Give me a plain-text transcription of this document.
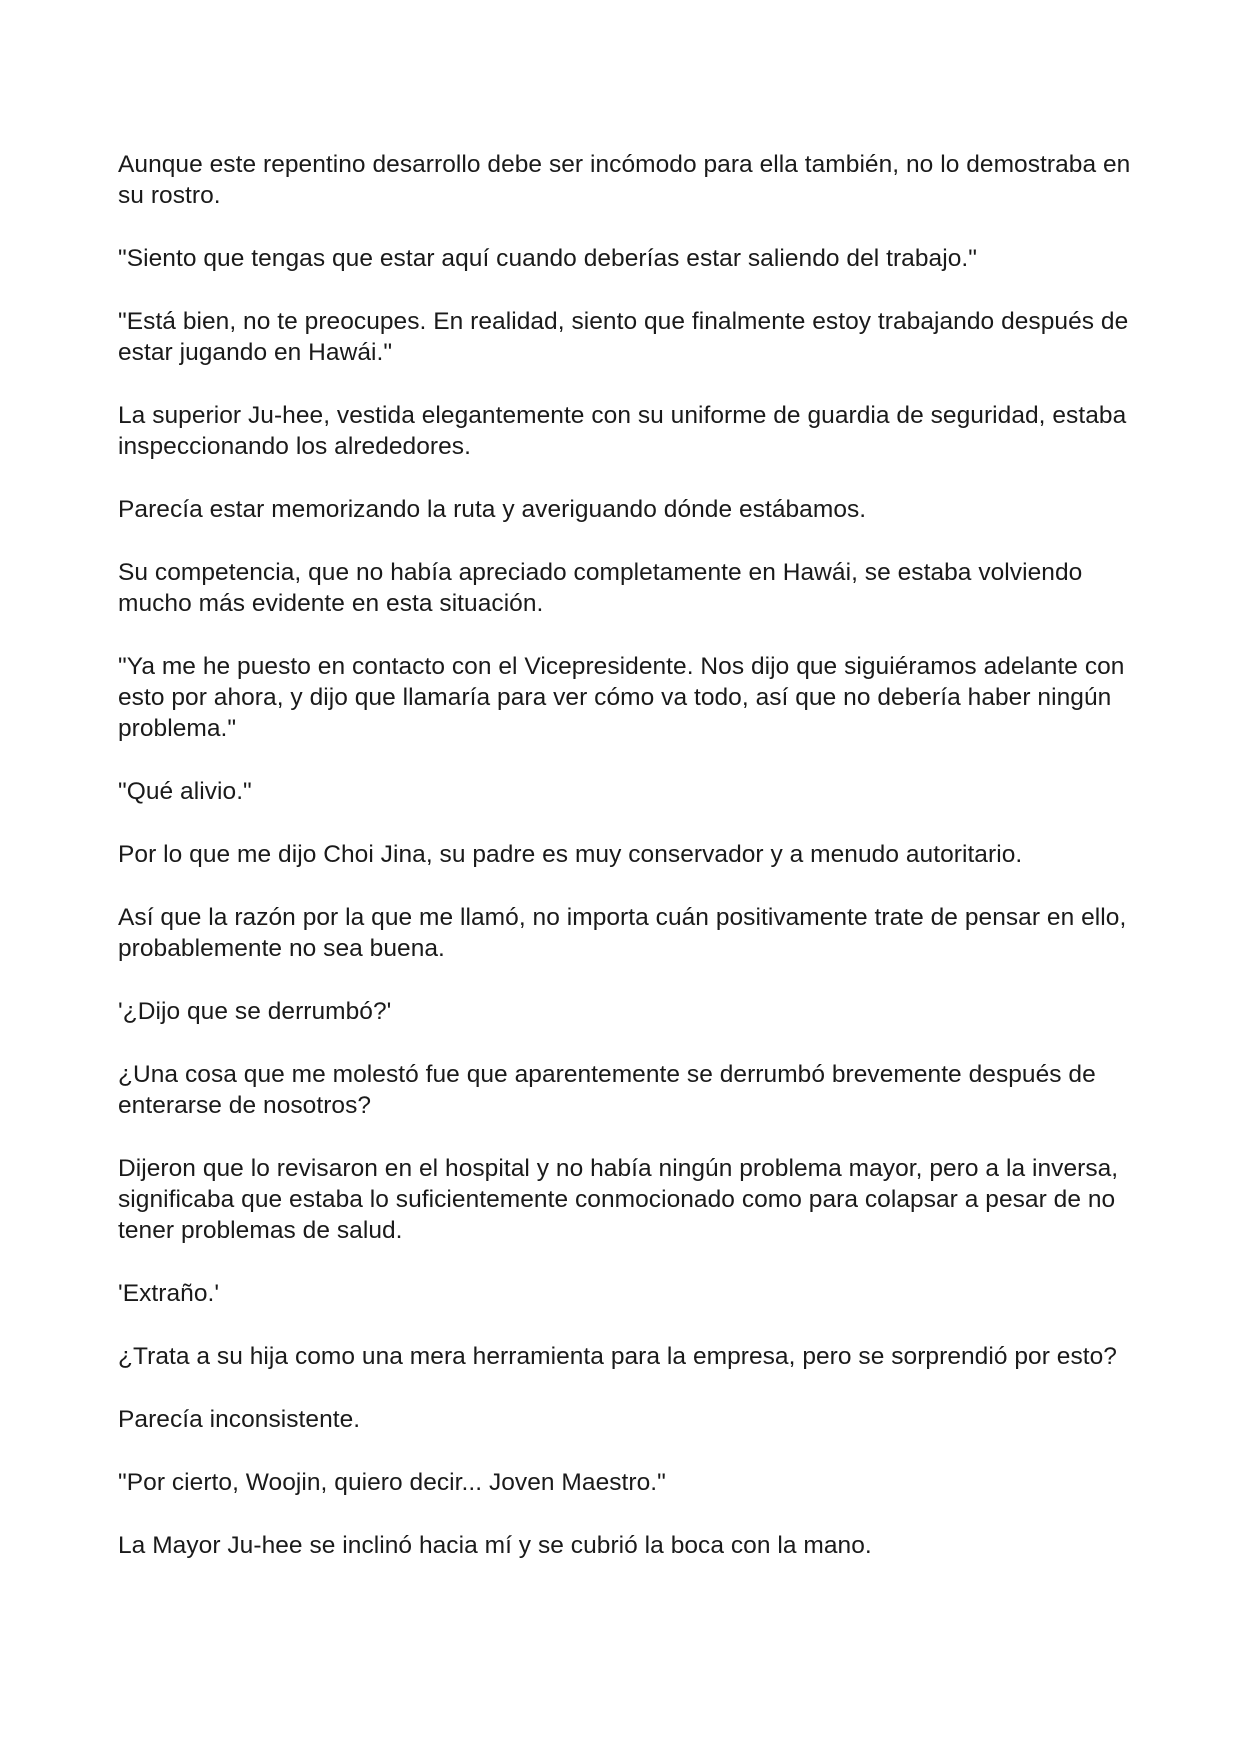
Aunque este repentino desarrollo debe ser incómodo para ella también, no lo demostraba en su rostro.

"Siento que tengas que estar aquí cuando deberías estar saliendo del trabajo."

"Está bien, no te preocupes. En realidad, siento que finalmente estoy trabajando después de estar jugando en Hawái."

La superior Ju-hee, vestida elegantemente con su uniforme de guardia de seguridad, estaba inspeccionando los alrededores.

Parecía estar memorizando la ruta y averiguando dónde estábamos.

Su competencia, que no había apreciado completamente en Hawái, se estaba volviendo mucho más evidente en esta situación.

"Ya me he puesto en contacto con el Vicepresidente. Nos dijo que siguiéramos adelante con esto por ahora, y dijo que llamaría para ver cómo va todo, así que no debería haber ningún problema."

"Qué alivio."

Por lo que me dijo Choi Jina, su padre es muy conservador y a menudo autoritario.

Así que la razón por la que me llamó, no importa cuán positivamente trate de pensar en ello, probablemente no sea buena.

'¿Dijo que se derrumbó?'

¿Una cosa que me molestó fue que aparentemente se derrumbó brevemente después de enterarse de nosotros?

Dijeron que lo revisaron en el hospital y no había ningún problema mayor, pero a la inversa, significaba que estaba lo suficientemente conmocionado como para colapsar a pesar de no tener problemas de salud.

'Extraño.'

¿Trata a su hija como una mera herramienta para la empresa, pero se sorprendió por esto?

Parecía inconsistente.

"Por cierto, Woojin, quiero decir... Joven Maestro."

La Mayor Ju-hee se inclinó hacia mí y se cubrió la boca con la mano.
